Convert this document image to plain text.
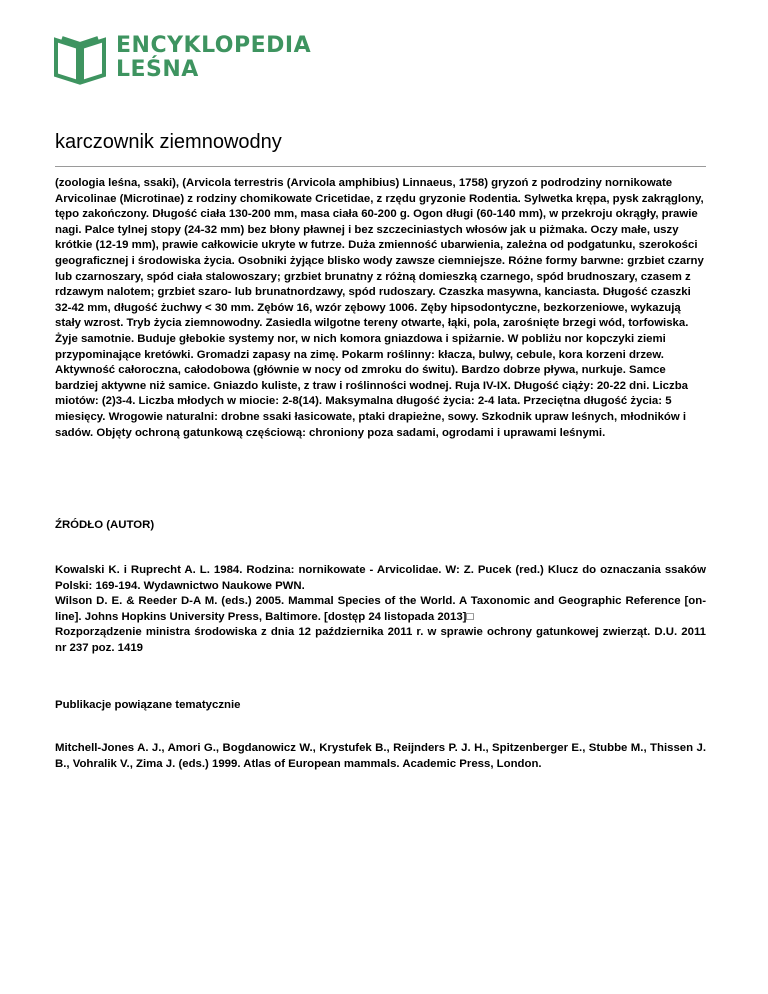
ENCYKLOPEDIA
LEŚNA
karczownik ziemnowodny

(zoologia leśna, ssaki), (Arvicola terrestris (Arvicola amphibius) Linnaeus, 1758) gryzoń z podrodziny nornikowate Arvicolinae (Microtinae) z rodziny chomikowate Cricetidae, z rzędu gryzonie Rodentia. Sylwetka krępa, pysk zakrąglony, tępo zakończony. Długość ciała 130-200 mm, masa ciała 60-200 g. Ogon długi (60-140 mm), w przekroju okrągły, prawie nagi. Palce tylnej stopy (24-32 mm) bez błony pławnej i bez szczeciniastych włosów jak u piżmaka. Oczy małe, uszy krótkie (12-19 mm), prawie całkowicie ukryte w futrze. Duża zmienność ubarwienia, zależna od podgatunku, szerokości geograficznej i środowiska życia. Osobniki żyjące blisko wody zawsze ciemniejsze. Różne formy barwne: grzbiet czarny lub czarnoszary, spód ciała stalowoszary; grzbiet brunatny z różną domieszką czarnego, spód brudnoszary, czasem z rdzawym nalotem; grzbiet szaro- lub brunatnordzawy, spód rudoszary. Czaszka masywna, kanciasta. Długość czaszki 32-42 mm, długość żuchwy < 30 mm. Zębów 16, wzór zębowy 1006. Zęby hipsodontyczne, bezkorzeniowe, wykazują stały wzrost. Tryb życia ziemnowodny. Zasiedla wilgotne tereny otwarte, łąki, pola, zarośnięte brzegi wód, torfowiska. Żyje samotnie. Buduje głebokie systemy nor, w nich komora gniazdowa i spiżarnie. W pobliżu nor kopczyki ziemi przypominające kretówki. Gromadzi zapasy na zimę. Pokarm roślinny: kłacza, bulwy, cebule, kora korzeni drzew. Aktywność całoroczna, całodobowa (głównie w nocy od zmroku do świtu). Bardzo dobrze pływa, nurkuje. Samce bardziej aktywne niż samice. Gniazdo kuliste, z traw i roślinności wodnej. Ruja IV-IX. Długość ciąży: 20-22 dni. Liczba miotów: (2)3-4. Liczba młodych w miocie: 2-8(14). Maksymalna długość życia: 2-4 lata. Przeciętna długość życia: 5 miesięcy. Wrogowie naturalni: drobne ssaki łasicowate, ptaki drapieżne, sowy. Szkodnik upraw leśnych, młodników i sadów. Objęty ochroną gatunkową częściową: chroniony poza sadami, ogrodami i uprawami leśnymi.

ŹRÓDŁO (AUTOR)

Kowalski K. i Ruprecht A. L. 1984. Rodzina: nornikowate - Arvicolidae. W: Z. Pucek (red.) Klucz do oznaczania ssaków Polski: 169-194. Wydawnictwo Naukowe PWN.
Wilson D. E. & Reeder D-A M. (eds.) 2005. Mammal Species of the World. A Taxonomic and Geographic Reference [on-line]. Johns Hopkins University Press, Baltimore. [dostęp 24 listopada 2013]□
Rozporządzenie ministra środowiska z dnia 12 października 2011 r. w sprawie ochrony gatunkowej zwierząt. D.U. 2011 nr 237 poz. 1419

Publikacje powiązane tematycznie

Mitchell-Jones A. J., Amori G., Bogdanowicz W., Krystufek B., Reijnders P. J. H., Spitzenberger E., Stubbe M., Thissen J. B., Vohralik V., Zima J. (eds.) 1999. Atlas of European mammals. Academic Press, London.
